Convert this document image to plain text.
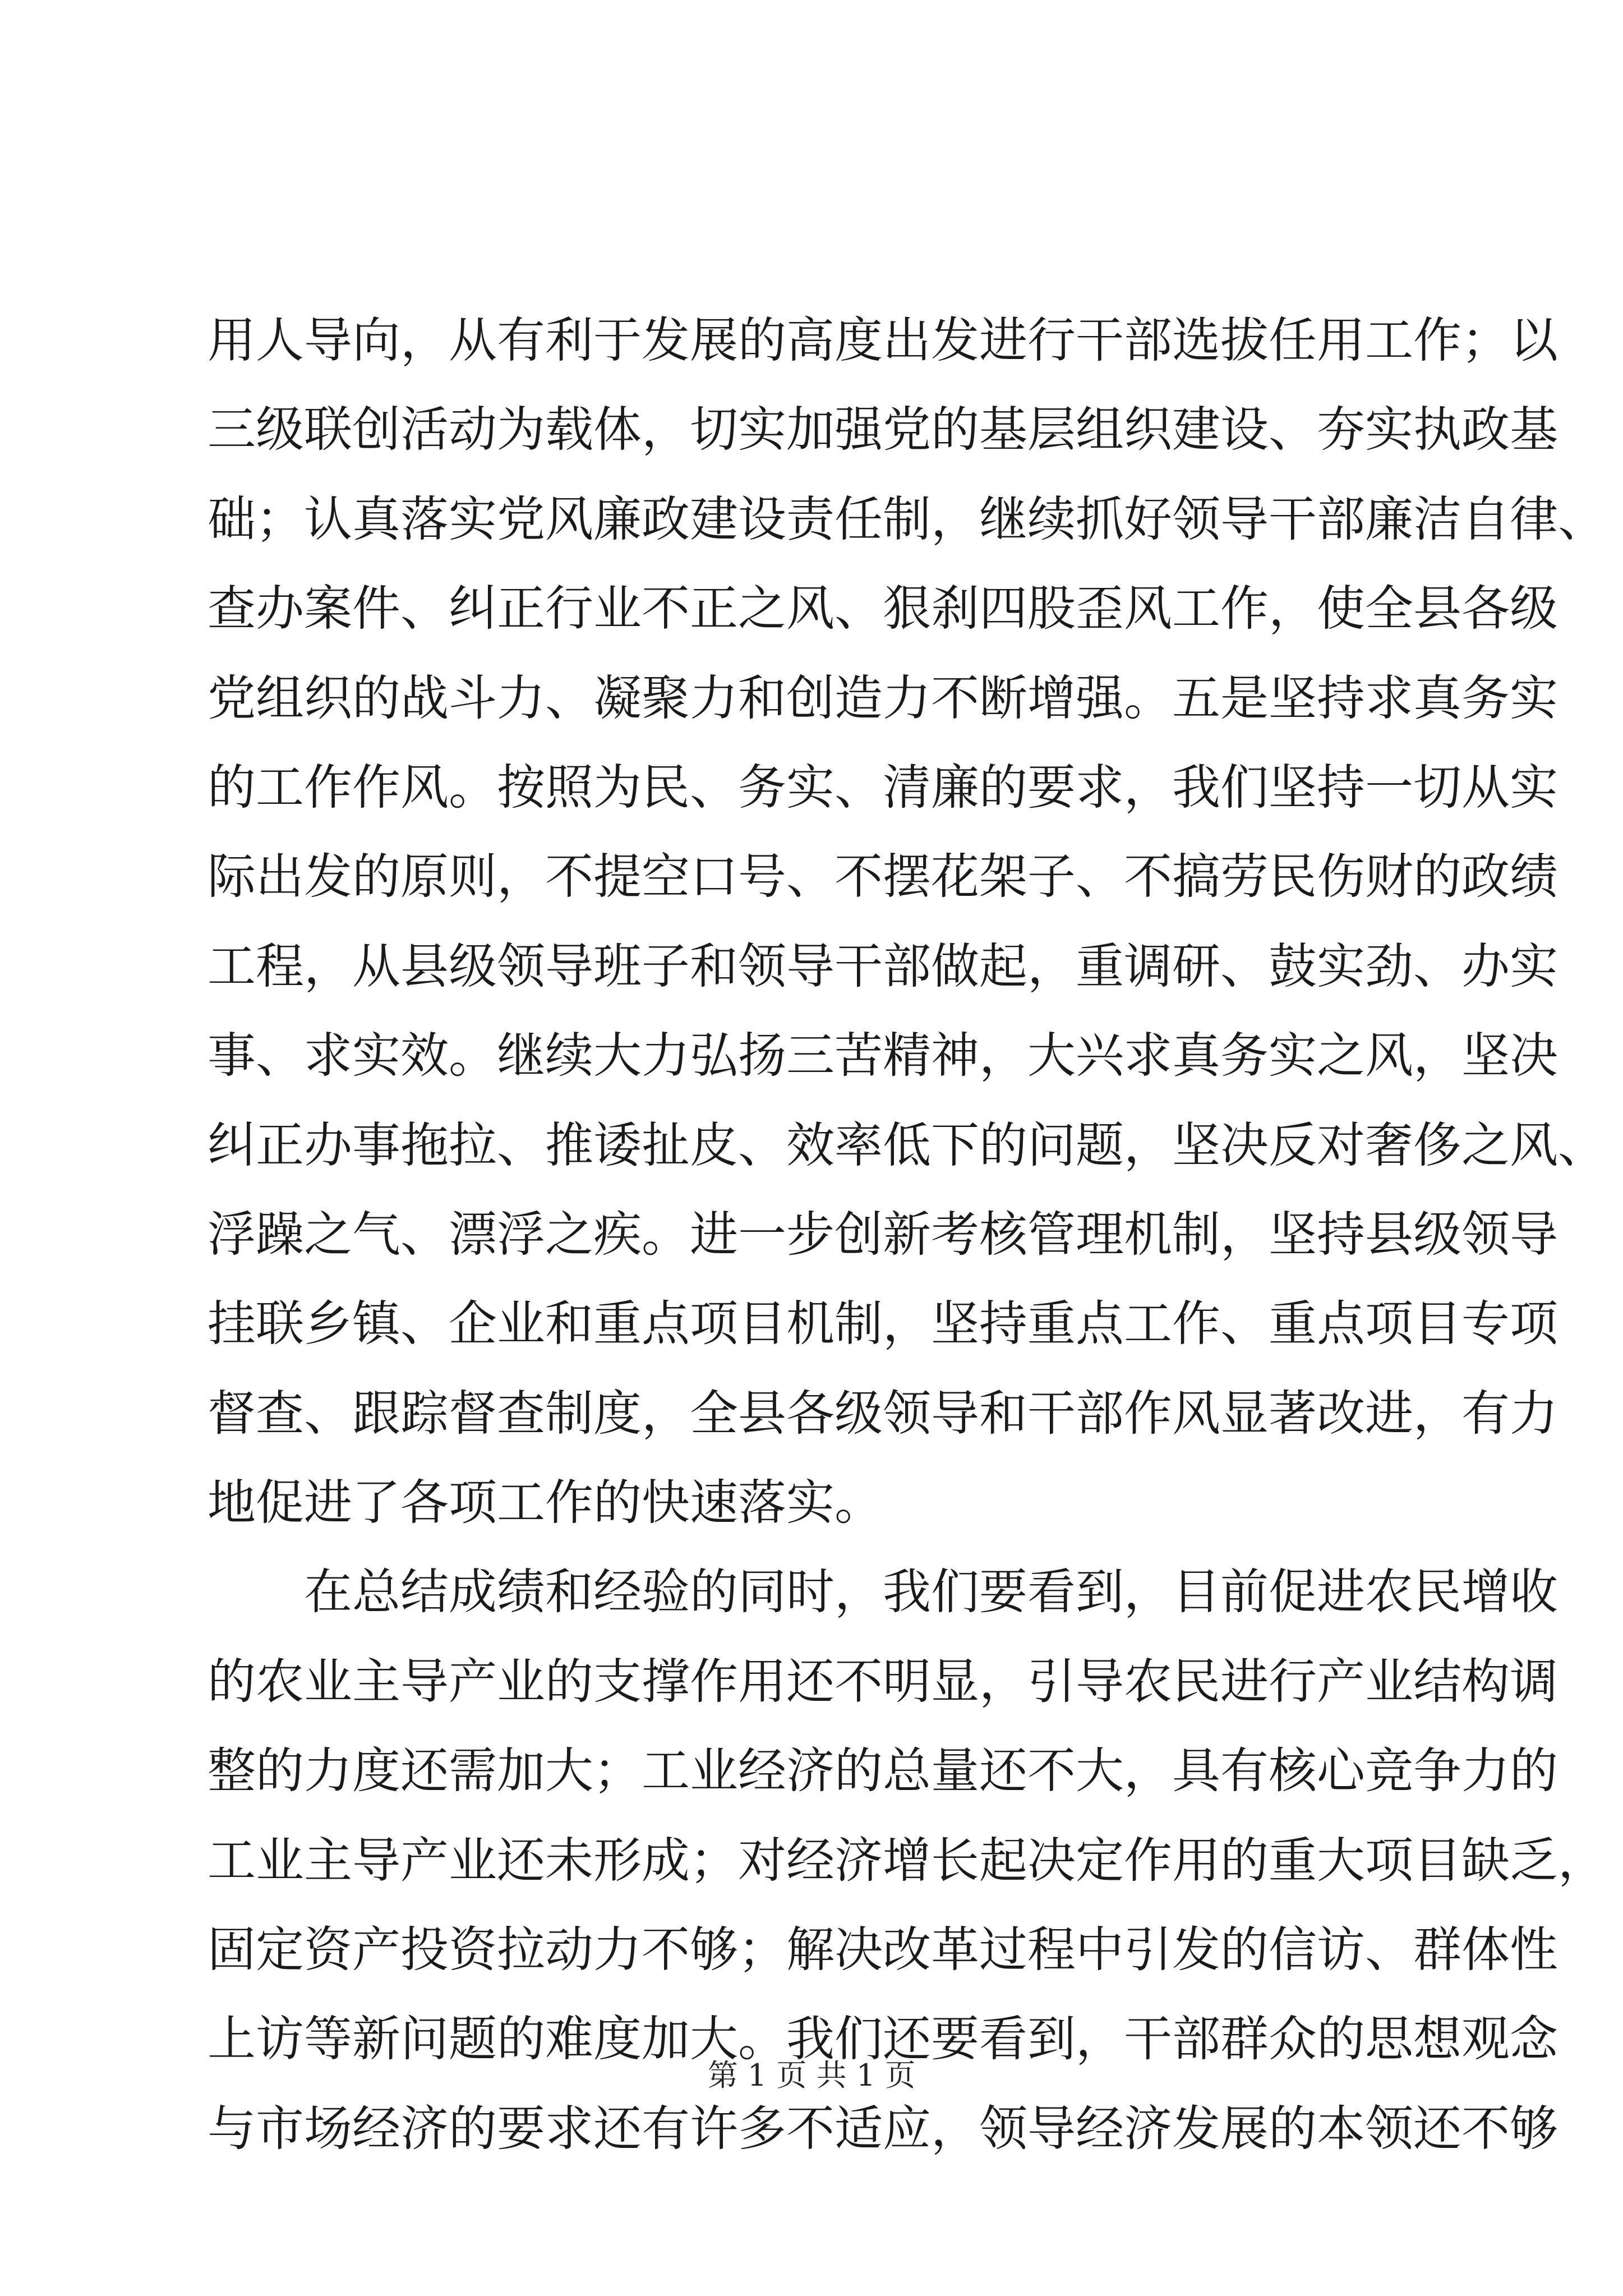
用人导向，从有利于发展的高度出发进行干部选拔任用工作；以
三级联创活动为载体，切实加强党的基层组织建设、夯实执政基
础；认真落实党风廉政建设责任制，继续抓好领导干部廉洁自律、
查办案件、纠正行业不正之风、狠刹四股歪风工作，使全县各级
党组织的战斗力、凝聚力和创造力不断增强。五是坚持求真务实
的工作作风。按照为民、务实、清廉的要求，我们坚持一切从实
际出发的原则，不提空口号、不摆花架子、不搞劳民伤财的政绩
工程，从县级领导班子和领导干部做起，重调研、鼓实劲、办实
事、求实效。继续大力弘扬三苦精神，大兴求真务实之风，坚决
纠正办事拖拉、推诿扯皮、效率低下的问题，坚决反对奢侈之风、
浮躁之气、漂浮之疾。进一步创新考核管理机制，坚持县级领导
挂联乡镇、企业和重点项目机制，坚持重点工作、重点项目专项
督查、跟踪督查制度，全县各级领导和干部作风显著改进，有力
地促进了各项工作的快速落实。
在总结成绩和经验的同时，我们要看到，目前促进农民增收
的农业主导产业的支撑作用还不明显，引导农民进行产业结构调
整的力度还需加大；工业经济的总量还不大，具有核心竞争力的
工业主导产业还未形成；对经济增长起决定作用的重大项目缺乏，
固定资产投资拉动力不够；解决改革过程中引发的信访、群体性
上访等新问题的难度加大。我们还要看到，干部群众的思想观念
与市场经济的要求还有许多不适应，领导经济发展的本领还不够
第 1 页 共 1 页
